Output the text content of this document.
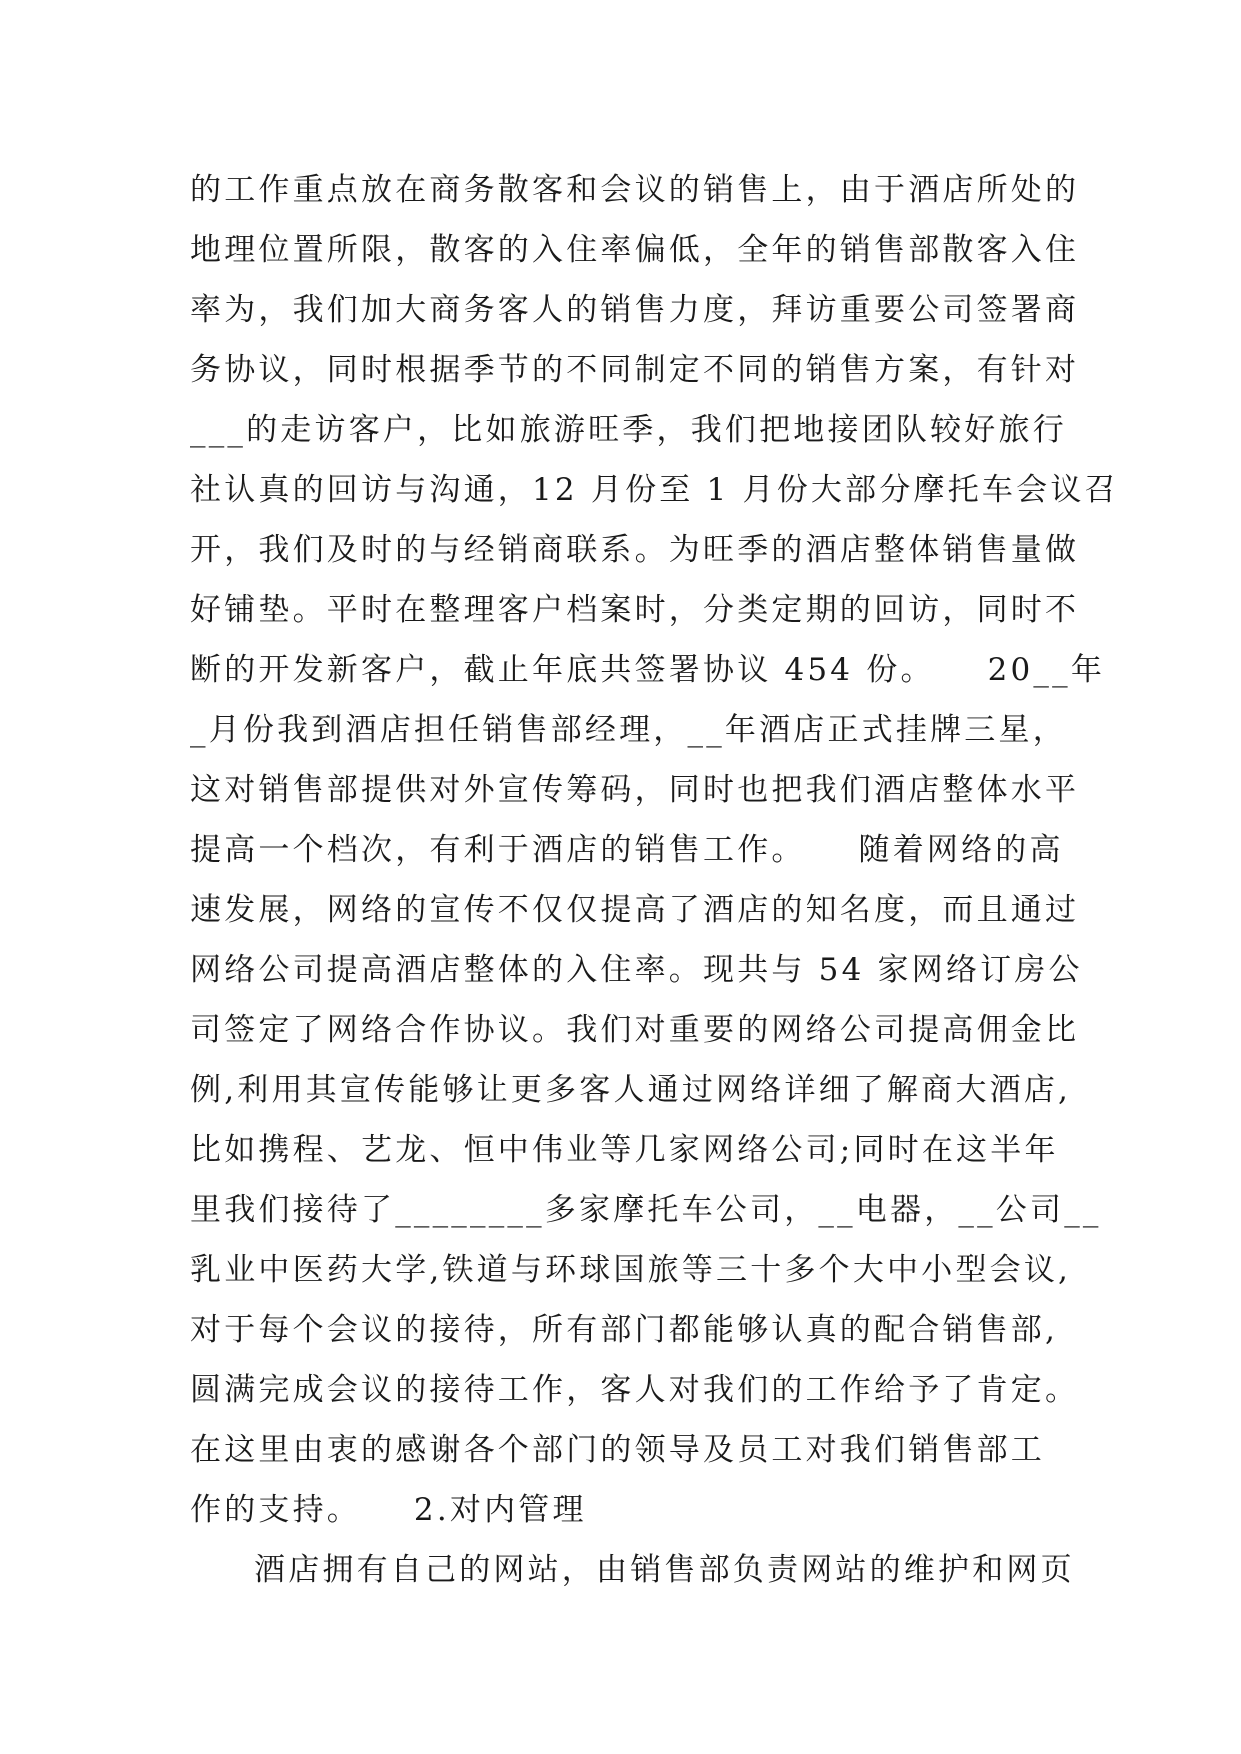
的工作重点放在商务散客和会议的销售上，由于酒店所处的
地理位置所限，散客的入住率偏低，全年的销售部散客入住
率为，我们加大商务客人的销售力度，拜访重要公司签署商
务协议，同时根据季节的不同制定不同的销售方案，有针对
___的走访客户，比如旅游旺季，我们把地接团队较好旅行
社认真的回访与沟通，12 月份至 1 月份大部分摩托车会议召
开，我们及时的与经销商联系。为旺季的酒店整体销售量做
好铺垫。平时在整理客户档案时，分类定期的回访，同时不
断的开发新客户，截止年底共签署协议 454 份。　　20__年
_月份我到酒店担任销售部经理，__年酒店正式挂牌三星，
这对销售部提供对外宣传筹码，同时也把我们酒店整体水平
提高一个档次，有利于酒店的销售工作。　　随着网络的高
速发展，网络的宣传不仅仅提高了酒店的知名度，而且通过
网络公司提高酒店整体的入住率。现共与 54 家网络订房公
司签定了网络合作协议。我们对重要的网络公司提高佣金比
例,利用其宣传能够让更多客人通过网络详细了解商大酒店,
比如携程、艺龙、恒中伟业等几家网络公司;同时在这半年
里我们接待了________多家摩托车公司，__电器，__公司__
乳业中医药大学,铁道与环球国旅等三十多个大中小型会议,
对于每个会议的接待，所有部门都能够认真的配合销售部,
圆满完成会议的接待工作，客人对我们的工作给予了肯定。
在这里由衷的感谢各个部门的领导及员工对我们销售部工
作的支持。　　2.对内管理
酒店拥有自己的网站，由销售部负责网站的维护和网页
